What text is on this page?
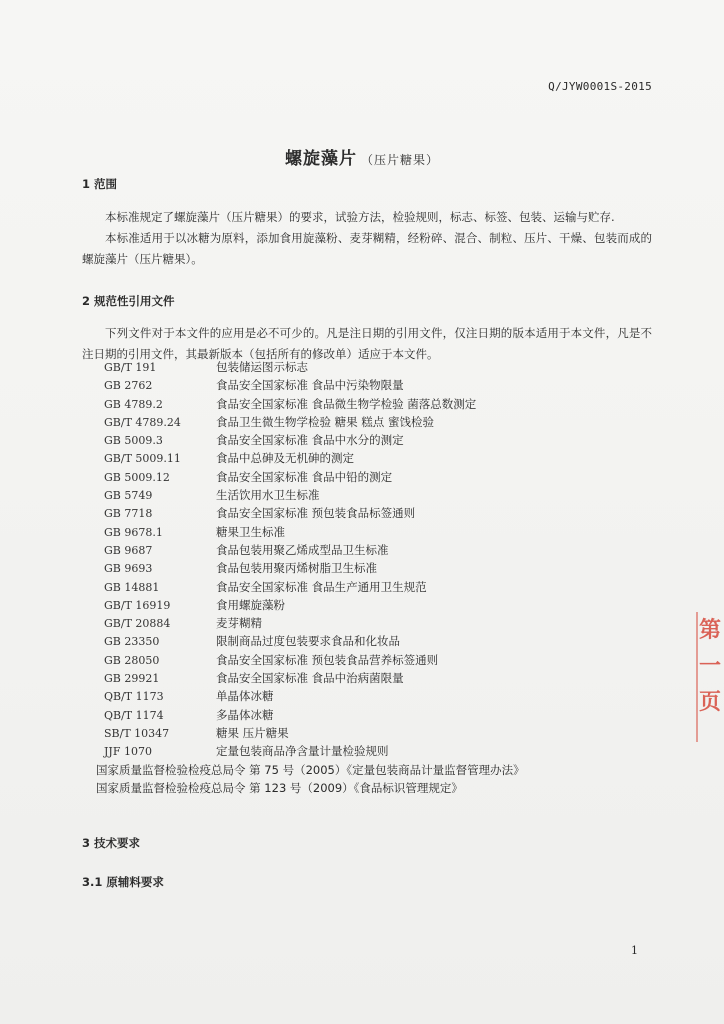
Q/JYW0001S-2015
螺旋藻片 （压片糖果）
1 范围
本标准规定了螺旋藻片（压片糖果）的要求，试验方法，检验规则，标志、标签、包装、运输与贮存.
本标准适用于以冰糖为原料，添加食用旋藻粉、麦芽糊精，经粉碎、混合、制粒、压片、干燥、包装而成的螺旋藻片（压片糖果）。
2 规范性引用文件
下列文件对于本文件的应用是必不可少的。凡是注日期的引用文件，仅注日期的版本适用于本文件，凡是不注日期的引用文件，其最新版本（包括所有的修改单）适应于本文件。
GB/T 191	包装储运图示标志
GB 2762	食品安全国家标准 食品中污染物限量
GB 4789.2	食品安全国家标准 食品微生物学检验 菌落总数测定
GB/T 4789.24	食品卫生微生物学检验 糖果 糕点 蜜饯检验
GB 5009.3	食品安全国家标准 食品中水分的测定
GB/T 5009.11	食品中总砷及无机砷的测定
GB 5009.12	食品安全国家标准 食品中铅的测定
GB 5749	生活饮用水卫生标准
GB 7718	食品安全国家标准 预包装食品标签通则
GB 9678.1	糖果卫生标准
GB 9687	食品包装用聚乙烯成型品卫生标准
GB 9693	食品包装用聚丙烯树脂卫生标准
GB 14881	食品安全国家标准 食品生产通用卫生规范
GB/T 16919	食用螺旋藻粉
GB/T 20884	麦芽糊精
GB 23350	限制商品过度包装要求食品和化妆品
GB 28050	食品安全国家标准 预包装食品营养标签通则
GB 29921	食品安全国家标准 食品中治病菌限量
QB/T 1173	单晶体冰糖
QB/T 1174	多晶体冰糖
SB/T 10347	糖果 压片糖果
JJF 1070	定量包装商品净含量计量检验规则
国家质量监督检验检疫总局令 第 75 号（2005）《定量包装商品计量监督管理办法》
国家质量监督检验检疫总局令 第 123 号（2009）《食品标识管理规定》
3 技术要求
3.1 原辅料要求
1
第
一
页
